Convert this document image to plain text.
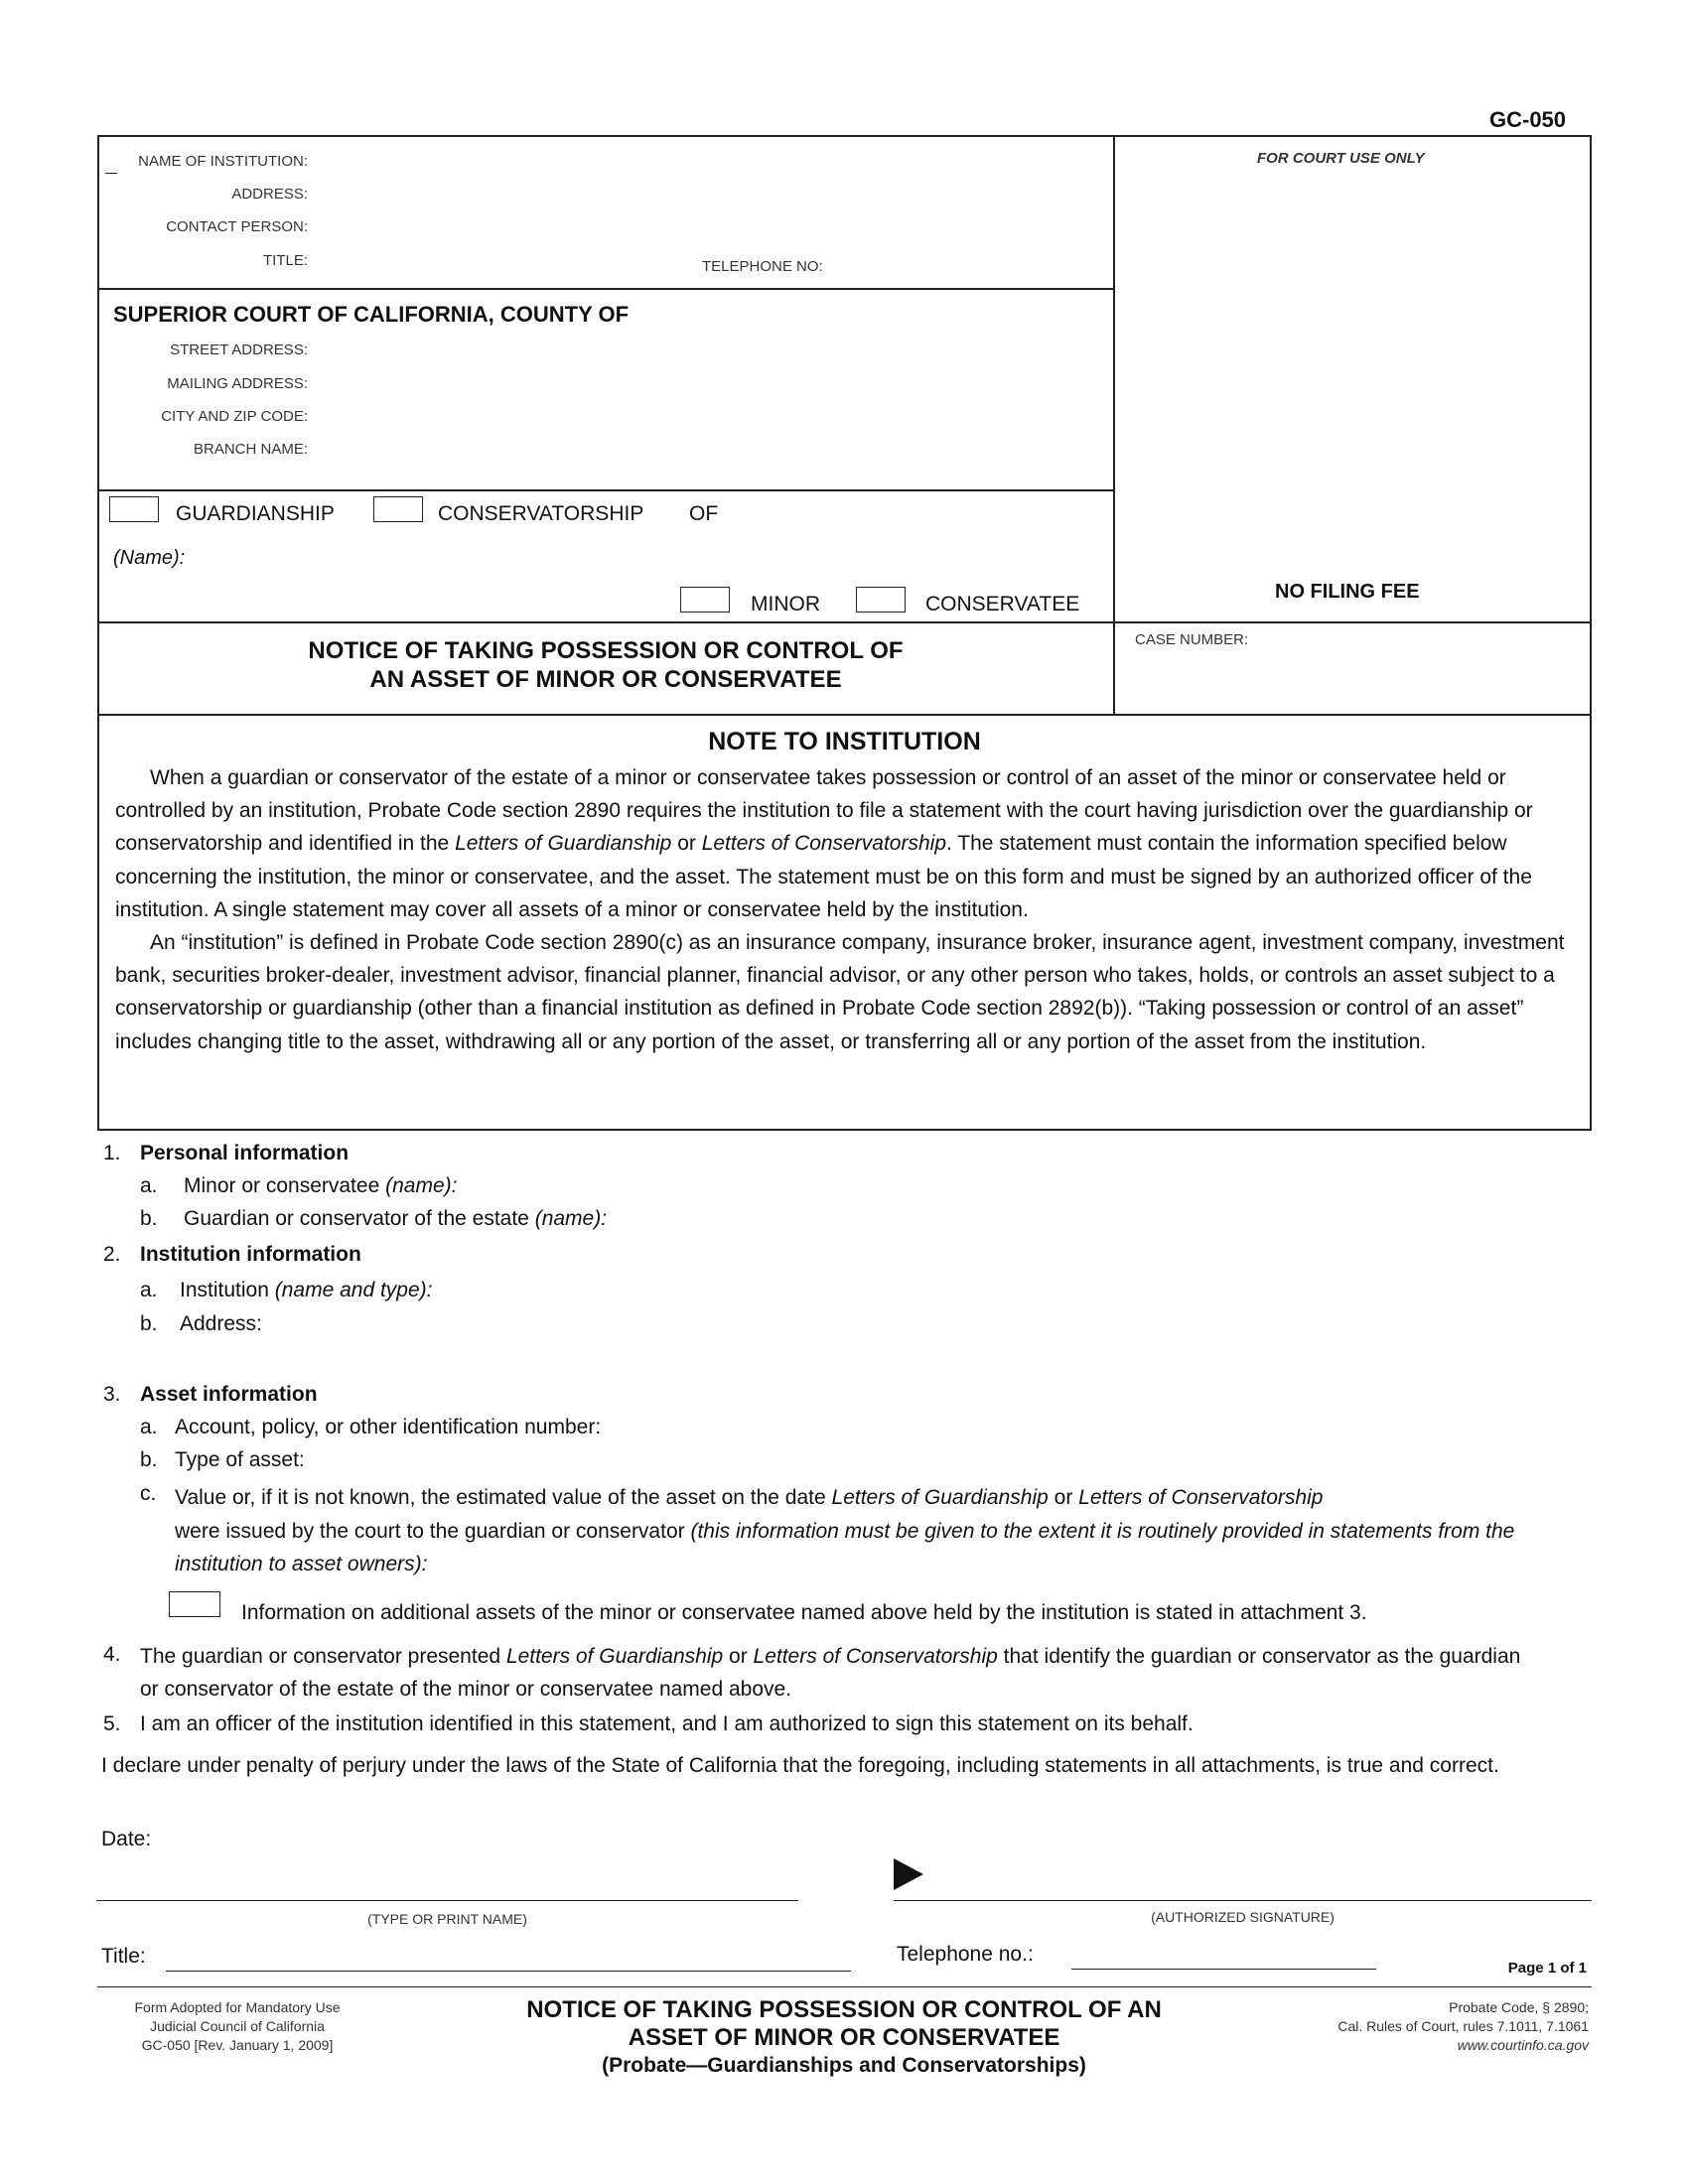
GC-050
NAME OF INSTITUTION:
ADDRESS:
CONTACT PERSON:
TITLE:	TELEPHONE NO:
FOR COURT USE ONLY
SUPERIOR COURT OF CALIFORNIA, COUNTY OF
STREET ADDRESS:
MAILING ADDRESS:
CITY AND ZIP CODE:
BRANCH NAME:
GUARDIANSHIP	CONSERVATORSHIP OF
(Name):
MINOR	CONSERVATEE
NO FILING FEE
NOTICE OF TAKING POSSESSION OR CONTROL OF
AN ASSET OF MINOR OR CONSERVATEE
CASE NUMBER:
NOTE TO INSTITUTION
When a guardian or conservator of the estate of a minor or conservatee takes possession or control of an asset of the minor or conservatee held or controlled by an institution, Probate Code section 2890 requires the institution to file a statement with the court having jurisdiction over the guardianship or conservatorship and identified in the Letters of Guardianship or Letters of Conservatorship. The statement must contain the information specified below concerning the institution, the minor or conservatee, and the asset. The statement must be on this form and must be signed by an authorized officer of the institution. A single statement may cover all assets of a minor or conservatee held by the institution.
An “institution” is defined in Probate Code section 2890(c) as an insurance company, insurance broker, insurance agent, investment company, investment bank, securities broker-dealer, investment advisor, financial planner, financial advisor, or any other person who takes, holds, or controls an asset subject to a conservatorship or guardianship (other than a financial institution as defined in Probate Code section 2892(b)). “Taking possession or control of an asset” includes changing title to the asset, withdrawing all or any portion of the asset, or transferring all or any portion of the asset from the institution.
1. Personal information
a. Minor or conservatee (name):
b. Guardian or conservator of the estate (name):
2. Institution information
a. Institution (name and type):
b. Address:
3. Asset information
a. Account, policy, or other identification number:
b. Type of asset:
c. Value or, if it is not known, the estimated value of the asset on the date Letters of Guardianship or Letters of Conservatorship
were issued by the court to the guardian or conservator (this information must be given to the extent it is routinely provided in statements from the institution to asset owners):
Information on additional assets of the minor or conservatee named above held by the institution is stated in attachment 3.
4. The guardian or conservator presented Letters of Guardianship or Letters of Conservatorship that identify the guardian or conservator as the guardian or conservator of the estate of the minor or conservatee named above.
5. I am an officer of the institution identified in this statement, and I am authorized to sign this statement on its behalf.
I declare under penalty of perjury under the laws of the State of California that the foregoing, including statements in all attachments, is true and correct.
Date:
(TYPE OR PRINT NAME)	(AUTHORIZED SIGNATURE)
Title:	Telephone no.:
Page 1 of 1
Form Adopted for Mandatory Use
Judicial Council of California
GC-050 [Rev. January 1, 2009]
NOTICE OF TAKING POSSESSION OR CONTROL OF AN
ASSET OF MINOR OR CONSERVATEE
(Probate—Guardianships and Conservatorships)
Probate Code, § 2890;
Cal. Rules of Court, rules 7.1011, 7.1061
www.courtinfo.ca.gov
